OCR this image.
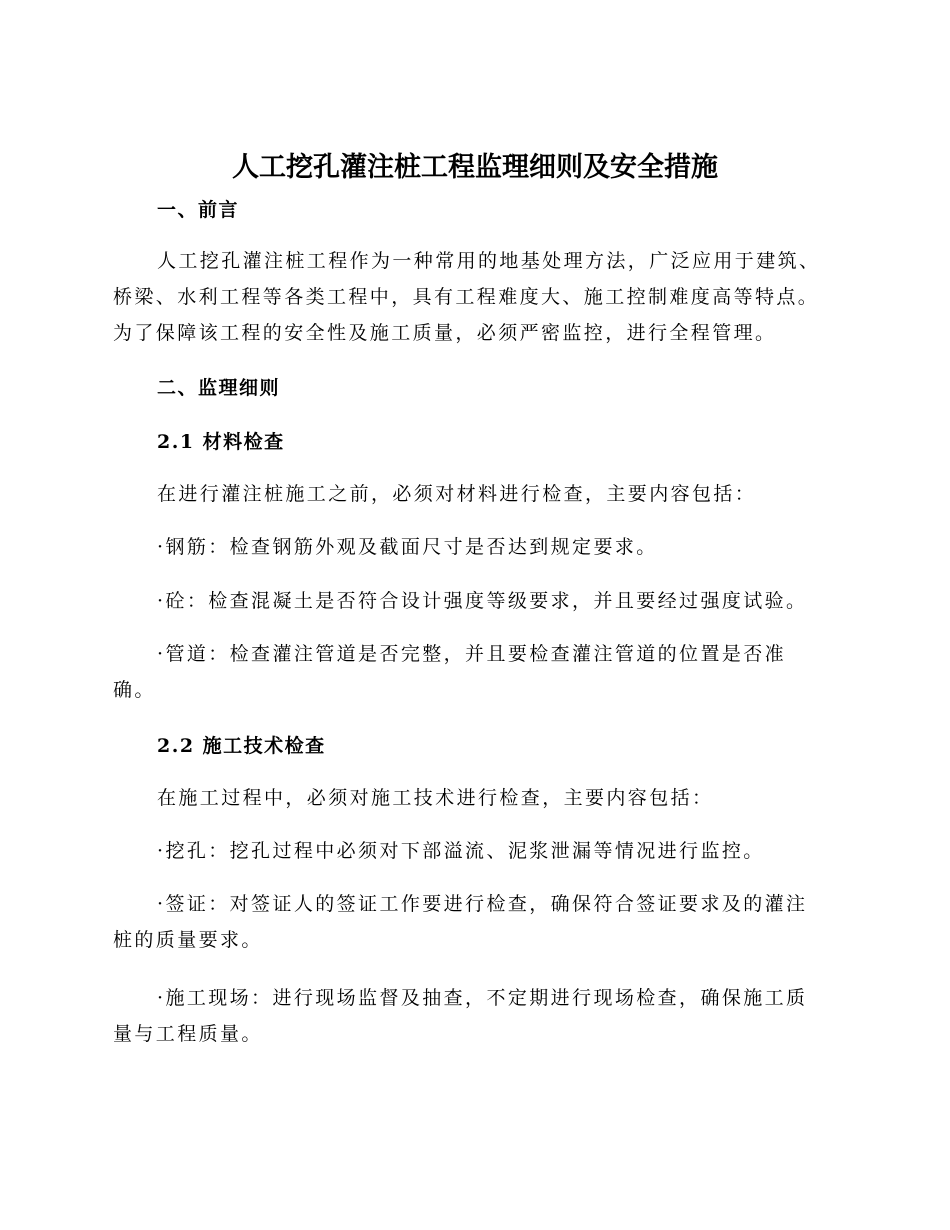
人工挖孔灌注桩工程监理细则及安全措施
一、前言
人工挖孔灌注桩工程作为一种常用的地基处理方法，广泛应用于建筑、
桥梁、水利工程等各类工程中，具有工程难度大、施工控制难度高等特点。
为了保障该工程的安全性及施工质量，必须严密监控，进行全程管理。
二、监理细则
2.1 材料检查
在进行灌注桩施工之前，必须对材料进行检查，主要内容包括：
·钢筋：检查钢筋外观及截面尺寸是否达到规定要求。
·砼：检查混凝土是否符合设计强度等级要求，并且要经过强度试验。
·管道：检查灌注管道是否完整，并且要检查灌注管道的位置是否准
确。
2.2 施工技术检查
在施工过程中，必须对施工技术进行检查，主要内容包括：
·挖孔：挖孔过程中必须对下部溢流、泥浆泄漏等情况进行监控。
·签证：对签证人的签证工作要进行检查，确保符合签证要求及的灌注
桩的质量要求。
·施工现场：进行现场监督及抽查，不定期进行现场检查，确保施工质
量与工程质量。
